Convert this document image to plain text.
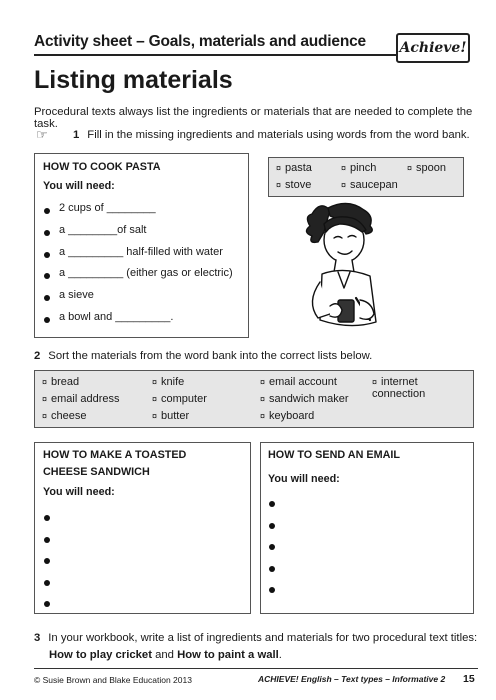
Activity sheet – Goals, materials and audience Achieve!
Listing materials
Procedural texts always list the ingredients or materials that are needed to complete the task.
☞ 1 Fill in the missing ingredients and materials using words from the word bank.
HOW TO COOK PASTA
You will need:
2 cups of ________
a ________of salt
a _________ half-filled with water
a _________ (either gas or electric)
a sieve
a bowl and _________.
¤ pasta	¤ pinch	¤ spoon
¤ stove	¤ saucepan
2 Sort the materials from the word bank into the correct lists below.
¤ bread	¤ knife	¤ email account	¤ internet connection
¤ email address	¤ computer	¤ sandwich maker
¤ cheese	¤ butter	¤ keyboard
HOW TO MAKE A TOASTED
CHEESE SANDWICH
You will need:
HOW TO SEND AN EMAIL
You will need:
3 In your workbook, write a list of ingredients and materials for two procedural text titles:
How to play cricket and How to paint a wall.
© Susie Brown and Blake Education 2013	ACHIEVE! English – Text types – Informative 2 15
